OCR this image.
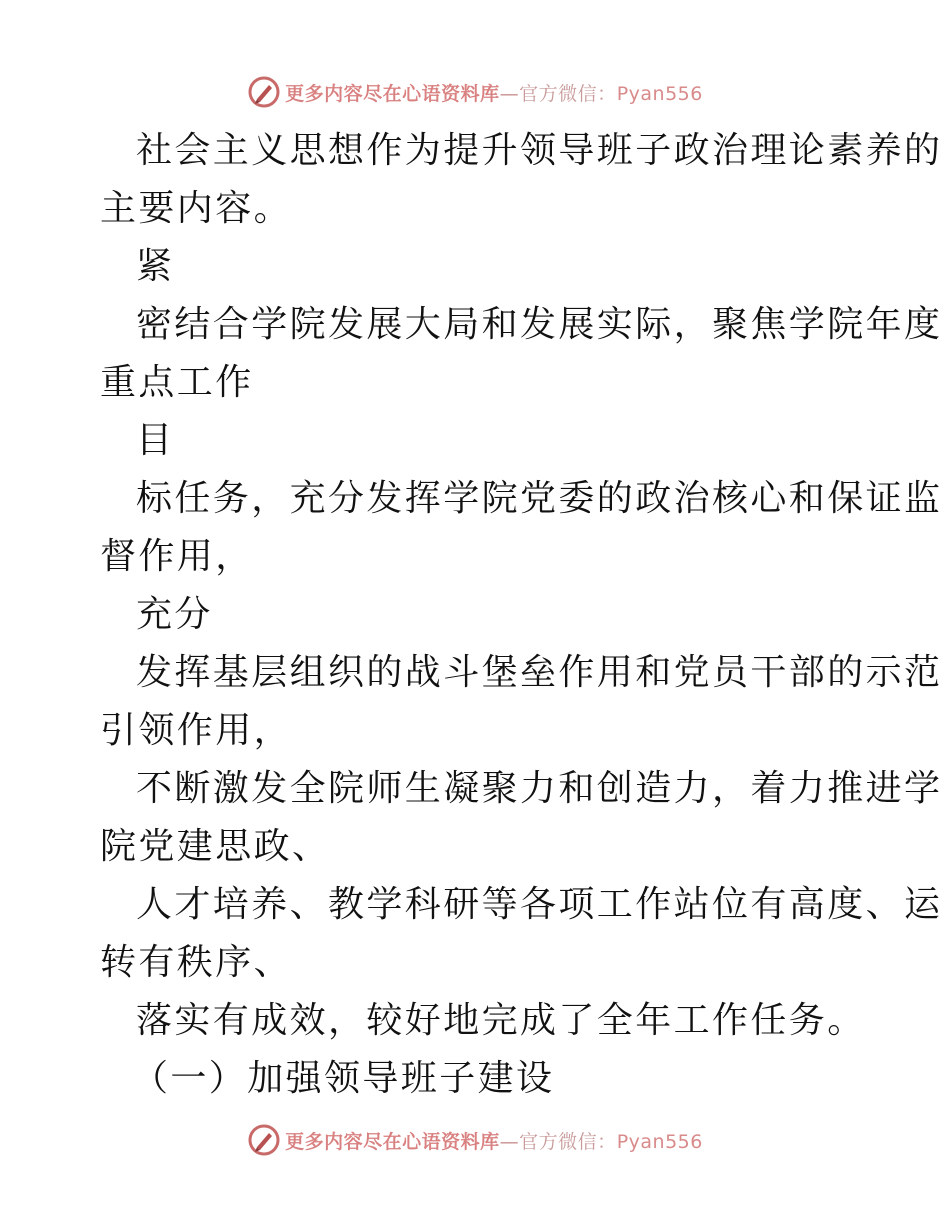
更多内容尽在心语资料库—官方微信：Pyan556
社会主义思想作为提升领导班子政治理论素养的
主要内容。
紧
密结合学院发展大局和发展实际，聚焦学院年度
重点工作
目
标任务，充分发挥学院党委的政治核心和保证监
督作用，
充分
发挥基层组织的战斗堡垒作用和党员干部的示范
引领作用，
不断激发全院师生凝聚力和创造力，着力推进学
院党建思政、
人才培养、教学科研等各项工作站位有高度、运
转有秩序、
落实有成效，较好地完成了全年工作任务。
（一）加强领导班子建设
更多内容尽在心语资料库—官方微信：Pyan556
